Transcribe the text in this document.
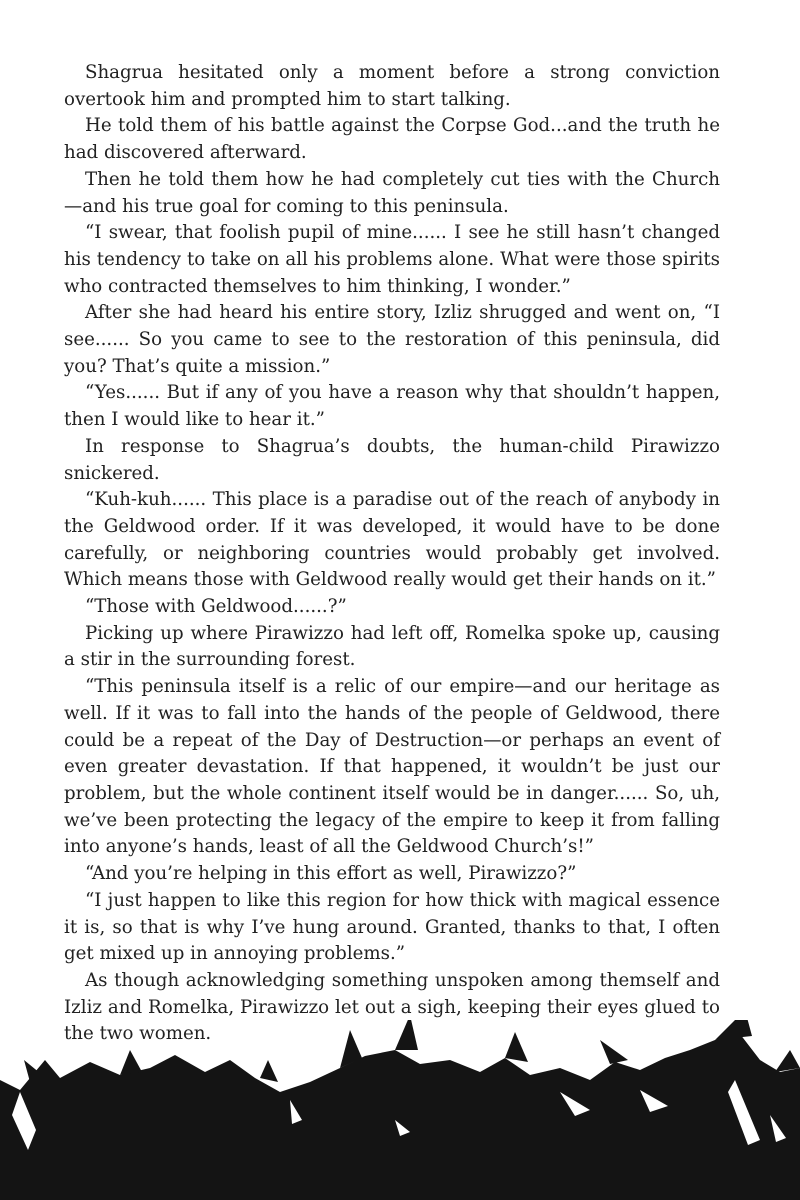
Shagrua hesitated only a moment before a strong conviction overtook him and prompted him to start talking.

He told them of his battle against the Corpse God...and the truth he had discovered afterward.

Then he told them how he had completely cut ties with the Church—and his true goal for coming to this peninsula.

“I swear, that foolish pupil of mine...... I see he still hasn’t changed his tendency to take on all his problems alone. What were those spirits who contracted themselves to him thinking, I wonder.”

After she had heard his entire story, Izliz shrugged and went on, “I see...... So you came to see to the restoration of this peninsula, did you? That’s quite a mission.”

“Yes...... But if any of you have a reason why that shouldn’t happen, then I would like to hear it.”

In response to Shagrua’s doubts, the human-child Pirawizzo snickered.

“Kuh-kuh...... This place is a paradise out of the reach of anybody in the Geldwood order. If it was developed, it would have to be done carefully, or neighboring countries would probably get involved. Which means those with Geldwood really would get their hands on it.”

“Those with Geldwood......?”

Picking up where Pirawizzo had left off, Romelka spoke up, causing a stir in the surrounding forest.

“This peninsula itself is a relic of our empire—and our heritage as well. If it was to fall into the hands of the people of Geldwood, there could be a repeat of the Day of Destruction—or perhaps an event of even greater devastation. If that happened, it wouldn’t be just our problem, but the whole continent itself would be in danger...... So, uh, we’ve been protecting the legacy of the empire to keep it from falling into anyone’s hands, least of all the Geldwood Church’s!”

“And you’re helping in this effort as well, Pirawizzo?”

“I just happen to like this region for how thick with magical essence it is, so that is why I’ve hung around. Granted, thanks to that, I often get mixed up in annoying problems.”

As though acknowledging something unspoken among themself and Izliz and Romelka, Pirawizzo let out a sigh, keeping their eyes glued to the two women.
